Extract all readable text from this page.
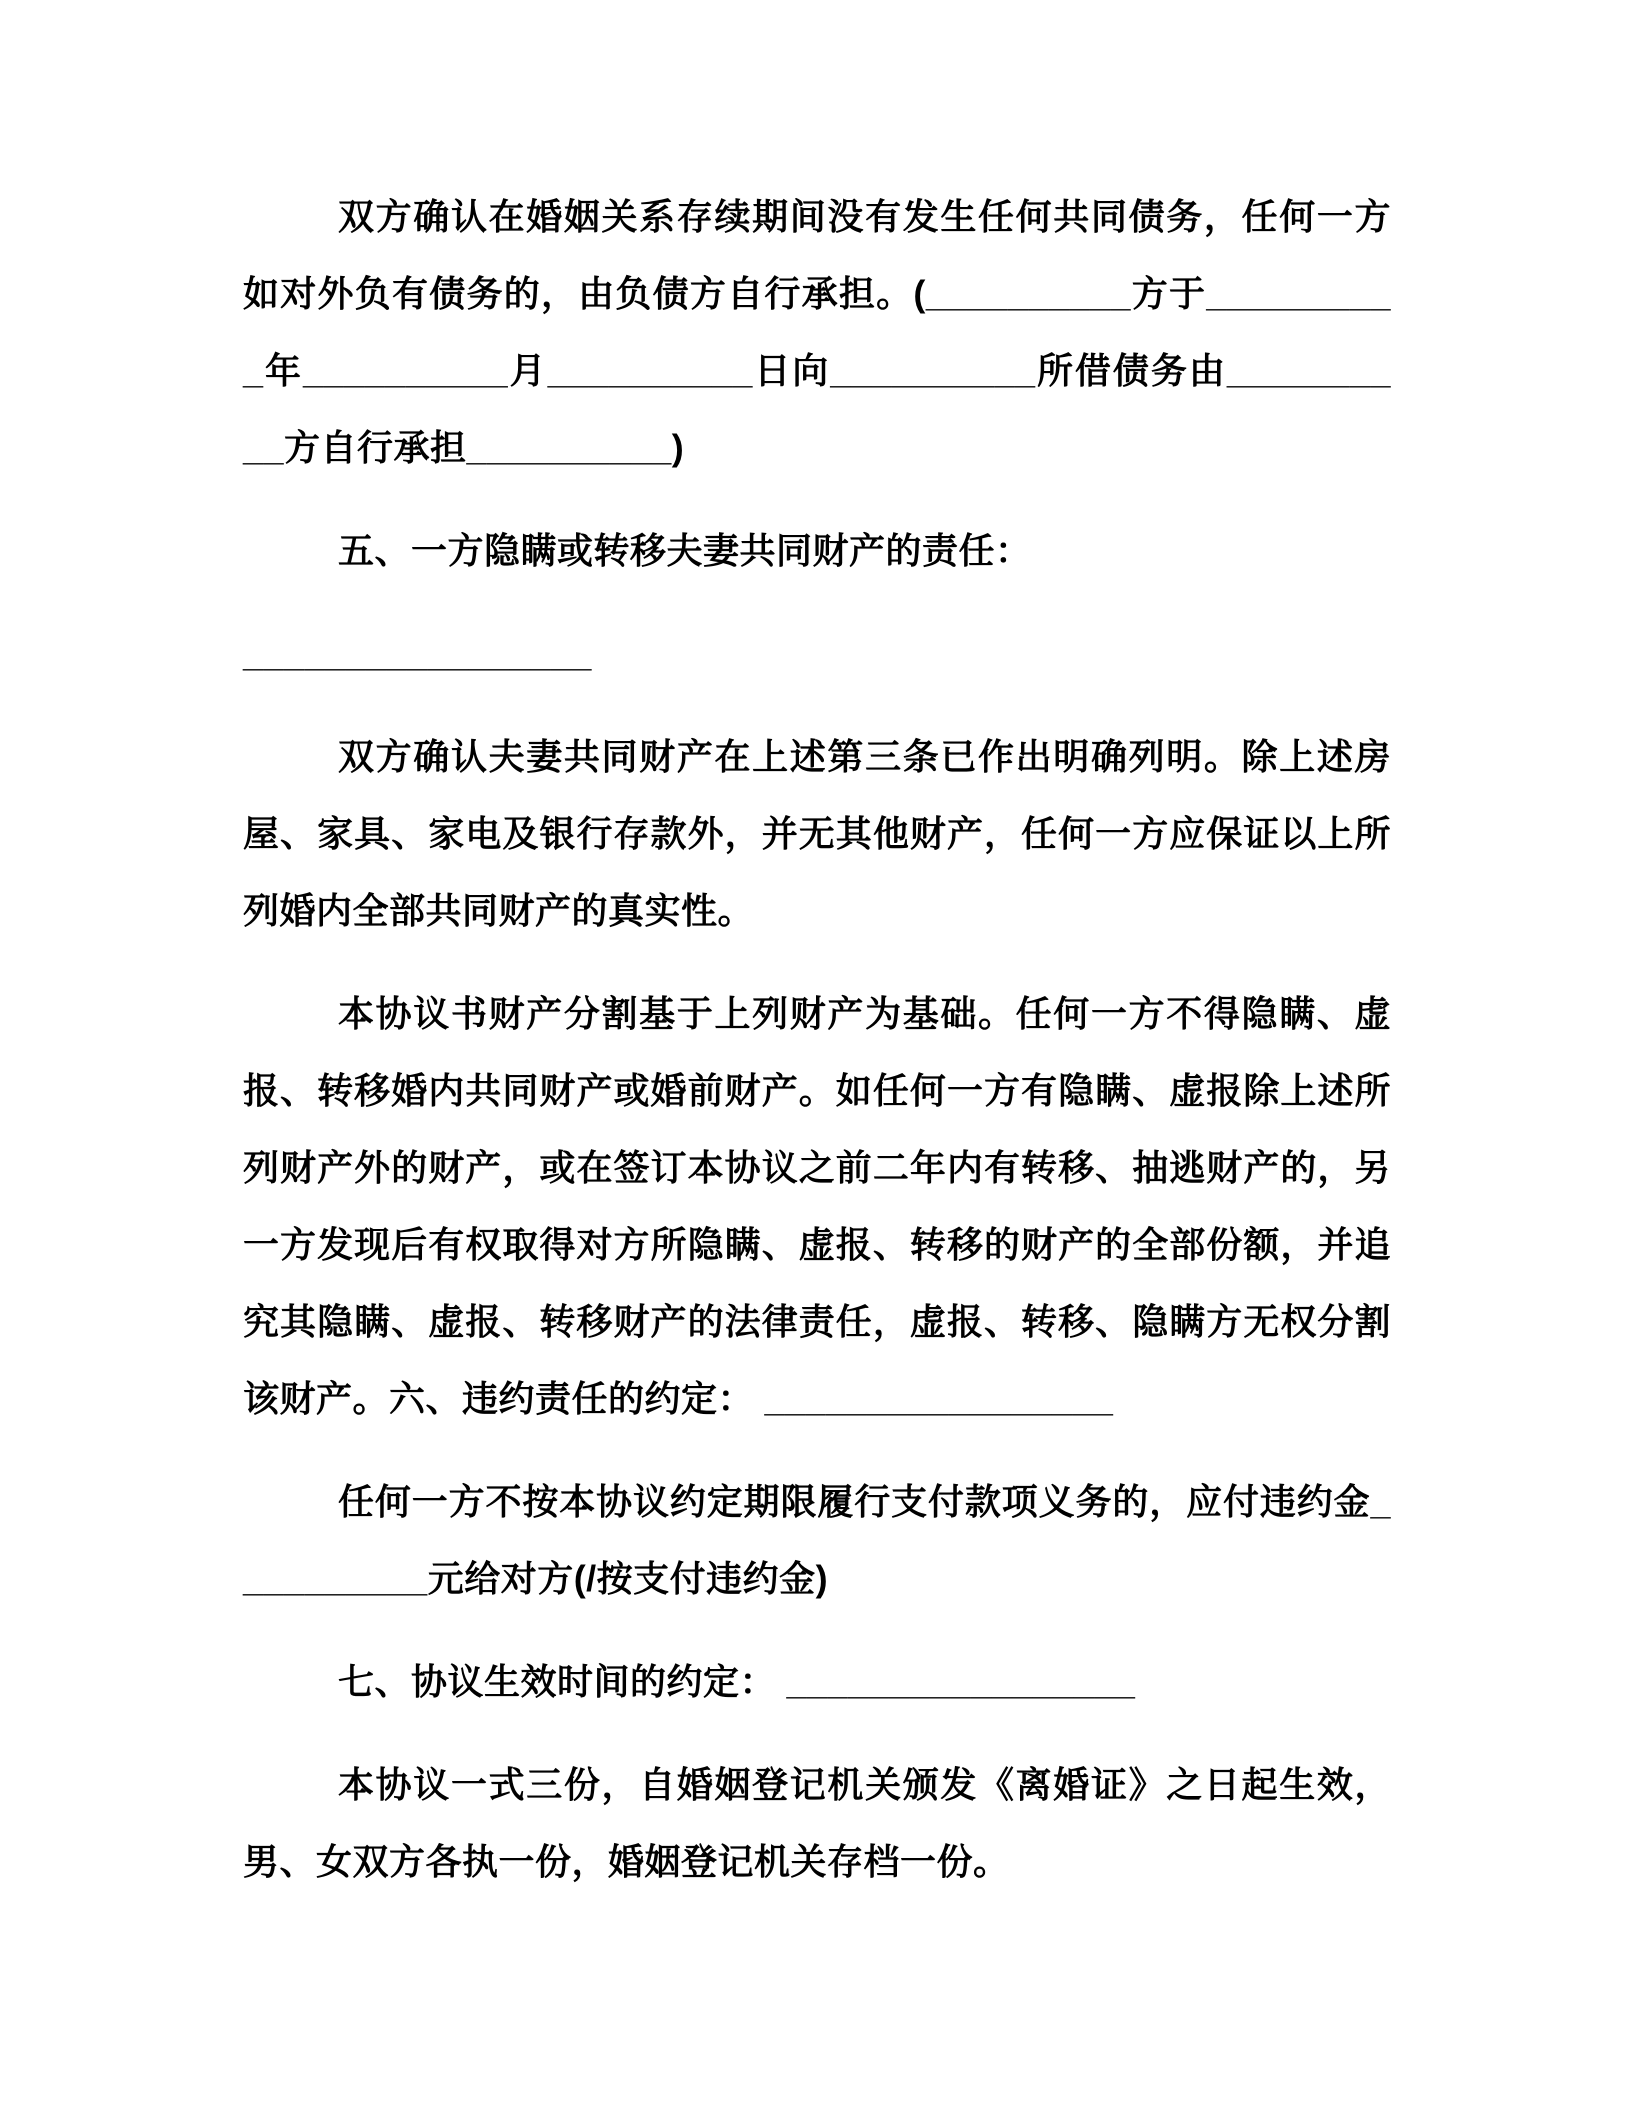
双方确认在婚姻关系存续期间没有发生任何共同债务，任何一方如对外负有债务的，由负债方自行承担。(__________方于__________年__________月__________日向__________所借债务由__________方自行承担__________)

五、一方隐瞒或转移夫妻共同财产的责任：

_________________

双方确认夫妻共同财产在上述第三条已作出明确列明。除上述房屋、家具、家电及银行存款外，并无其他财产，任何一方应保证以上所列婚内全部共同财产的真实性。

本协议书财产分割基于上列财产为基础。任何一方不得隐瞒、虚报、转移婚内共同财产或婚前财产。如任何一方有隐瞒、虚报除上述所列财产外的财产，或在签订本协议之前二年内有转移、抽逃财产的，另一方发现后有权取得对方所隐瞒、虚报、转移的财产的全部份额，并追究其隐瞒、虚报、转移财产的法律责任，虚报、转移、隐瞒方无权分割该财产。六、违约责任的约定： _________________

任何一方不按本协议约定期限履行支付款项义务的，应付违约金__________元给对方(/按支付违约金)

七、协议生效时间的约定： _________________

本协议一式三份，自婚姻登记机关颁发《离婚证》之日起生效，男、女双方各执一份，婚姻登记机关存档一份。
